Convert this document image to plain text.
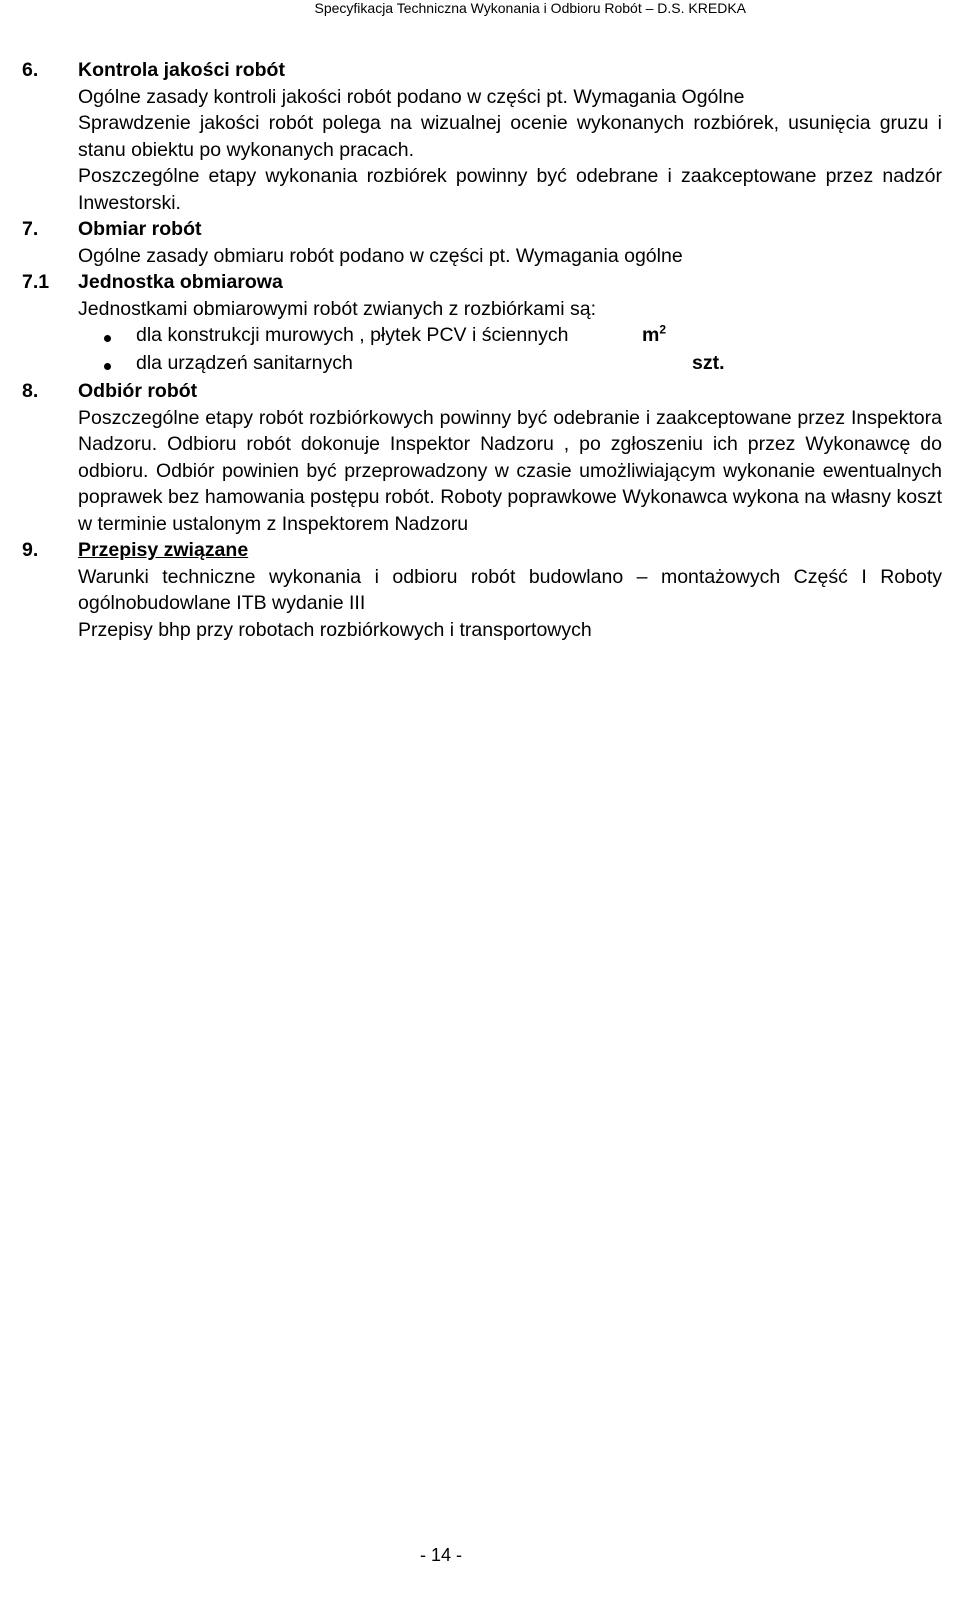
Specyfikacja Techniczna Wykonania i Odbioru Robót – D.S. KREDKA
6.	Kontrola jakości robót
Ogólne zasady kontroli jakości robót podano w części pt. Wymagania Ogólne
Sprawdzenie jakości robót polega na wizualnej ocenie wykonanych rozbiórek, usunięcia gruzu i stanu obiektu po wykonanych pracach.
Poszczególne etapy wykonania rozbiórek powinny być odebrane i zaakceptowane przez nadzór Inwestorski.
7.	Obmiar robót
Ogólne zasady obmiaru robót podano w części pt. Wymagania ogólne
7.1	Jednostka obmiarowa
Jednostkami obmiarowymi robót zwianych z rozbiórkami są:
dla konstrukcji murowych , płytek PCV i ściennych	$m^2$
dla urządzeń sanitarnych	szt.
8.	Odbiór robót
Poszczególne etapy robót rozbiórkowych powinny być odebranie i zaakceptowane przez Inspektora Nadzoru. Odbioru robót dokonuje Inspektor Nadzoru , po zgłoszeniu ich przez Wykonawcę do odbioru. Odbiór powinien być przeprowadzony w czasie umożliwiającym wykonanie ewentualnych poprawek bez hamowania postępu robót. Roboty poprawkowe Wykonawca wykona na własny koszt w terminie ustalonym z Inspektorem Nadzoru
9.	Przepisy związane
Warunki techniczne wykonania i odbioru robót budowlano – montażowych Część I Roboty ogólnobudowlane ITB wydanie III
Przepisy bhp przy robotach rozbiórkowych i transportowych
- 14 -
